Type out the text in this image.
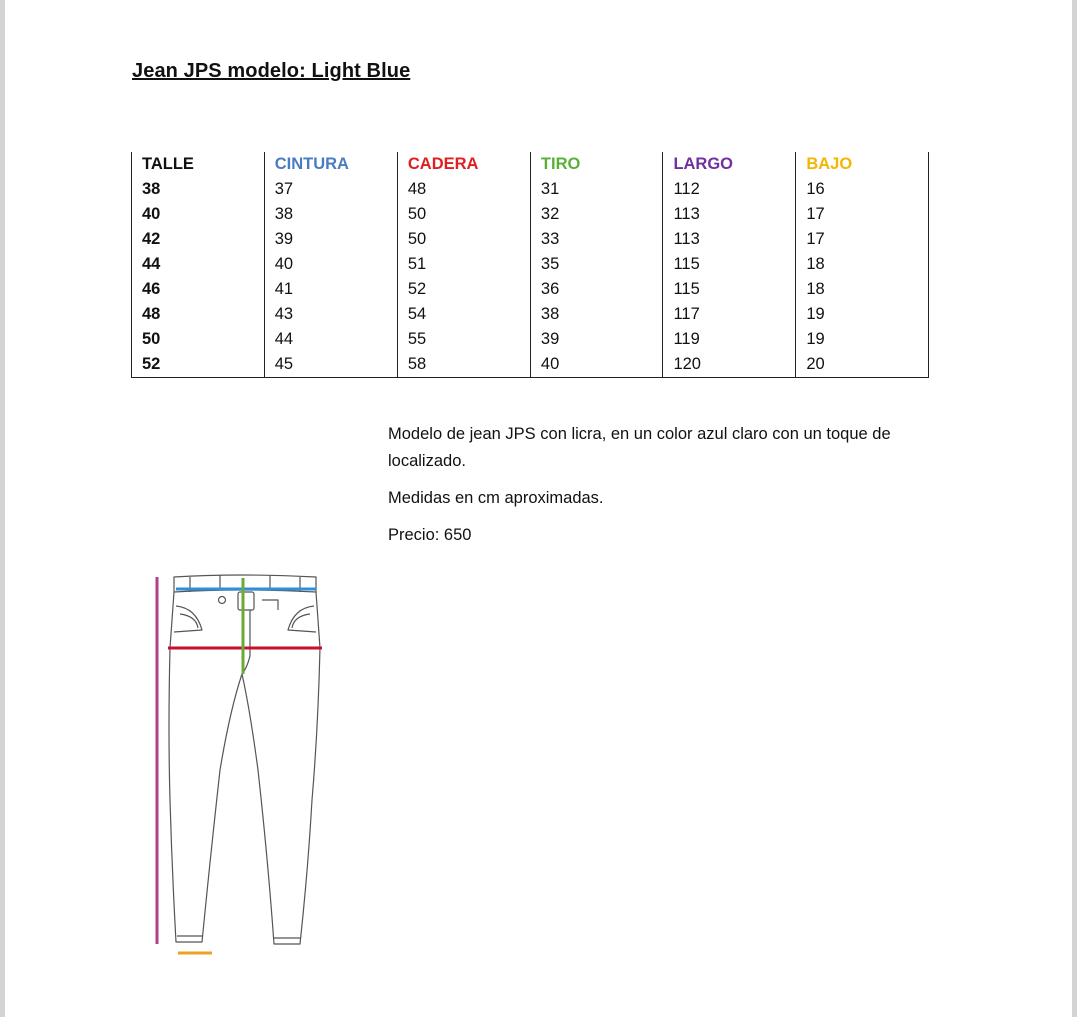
Jean JPS modelo: Light Blue
TALLE	CINTURA	CADERA	TIRO	LARGO	BAJO
38	37	48	31	112	16
40	38	50	32	113	17
42	39	50	33	113	17
44	40	51	35	115	18
46	41	52	36	115	18
48	43	54	38	117	19
50	44	55	39	119	19
52	45	58	40	120	20

Modelo de jean JPS con licra, en un color azul claro con un toque de localizado.

Medidas en cm aproximadas.

Precio: 650
